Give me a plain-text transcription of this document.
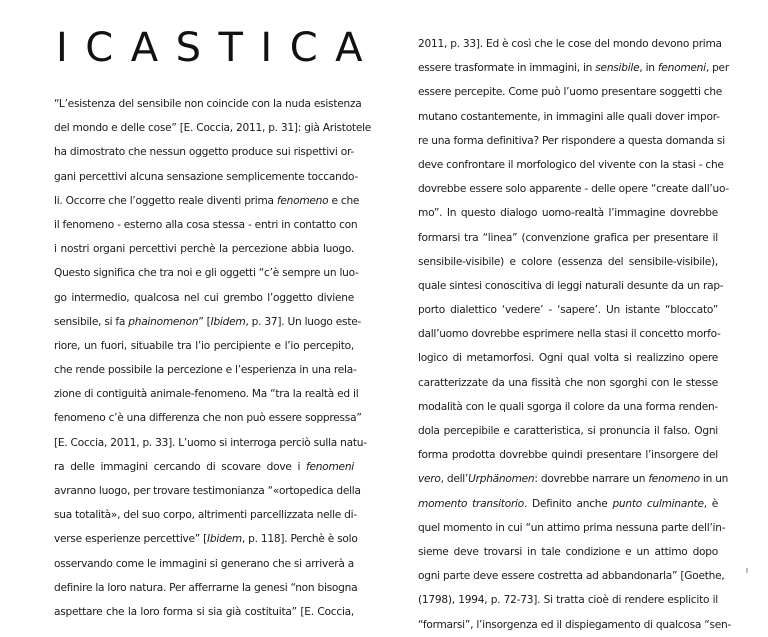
ICASTICA
“L’esistenza del sensibile non coincide con la nuda esistenza
del mondo e delle cose” [E. Coccia, 2011, p. 31]: già Aristotele
ha dimostrato che nessun oggetto produce sui rispettivi or-
gani percettivi alcuna sensazione semplicemente toccando-
li. Occorre che l’oggetto reale diventi prima fenomeno e che
il fenomeno - esterno alla cosa stessa - entri in contatto con
i nostri organi percettivi perchè la percezione abbia luogo.
Questo significa che tra noi e gli oggetti “c’è sempre un luo-
go intermedio, qualcosa nel cui grembo l’oggetto diviene
sensibile, si fa phainomenon” [Ibidem, p. 37]. Un luogo este-
riore, un fuori, situabile tra l’io percipiente e l’io percepito,
che rende possibile la percezione e l’esperienza in una rela-
zione di contiguità animale-fenomeno. Ma “tra la realtà ed il
fenomeno c’è una differenza che non può essere soppressa”
[E. Coccia, 2011, p. 33]. L’uomo si interroga perciò sulla natu-
ra delle immagini cercando di scovare dove i fenomeni
avranno luogo, per trovare testimonianza “«ortopedica della
sua totalità», del suo corpo, altrimenti parcellizzata nelle di-
verse esperienze percettive” [Ibidem, p. 118]. Perchè è solo
osservando come le immagini si generano che si arriverà a
definire la loro natura. Per afferrarne la genesi “non bisogna
aspettare che la loro forma si sia già costituita” [E. Coccia,
2011, p. 33]. Ed è così che le cose del mondo devono prima
essere trasformate in immagini, in sensibile, in fenomeni, per
essere percepite. Come può l’uomo presentare soggetti che
mutano costantemente, in immagini alle quali dover impor-
re una forma definitiva? Per rispondere a questa domanda si
deve confrontare il morfologico del vivente con la stasi - che
dovrebbe essere solo apparente - delle opere “create dall’uo-
mo”. In questo dialogo uomo-realtà l’immagine dovrebbe
formarsi tra “linea” (convenzione grafica per presentare il
sensibile-visibile) e colore (essenza del sensibile-visibile),
quale sintesi conoscitiva di leggi naturali desunte da un rap-
porto dialettico ‘vedere’ - ‘sapere’. Un istante “bloccato”
dall’uomo dovrebbe esprimere nella stasi il concetto morfo-
logico di metamorfosi. Ogni qual volta si realizzino opere
caratterizzate da una fissità che non sgorghi con le stesse
modalità con le quali sgorga il colore da una forma renden-
dola percepibile e caratteristica, si pronuncia il falso. Ogni
forma prodotta dovrebbe quindi presentare l’insorgere del
vero, dell’Urphänomen: dovrebbe narrare un fenomeno in un
momento transitorio. Definito anche punto culminante, è
quel momento in cui “un attimo prima nessuna parte dell’in-
sieme deve trovarsi in tale condizione e un attimo dopo
ogni parte deve essere costretta ad abbandonarla” [Goethe,
(1798), 1994, p. 72-73]. Si tratta cioè di rendere esplicito il
“formarsi”, l’insorgenza ed il dispiegamento di qualcosa “sen-
I
